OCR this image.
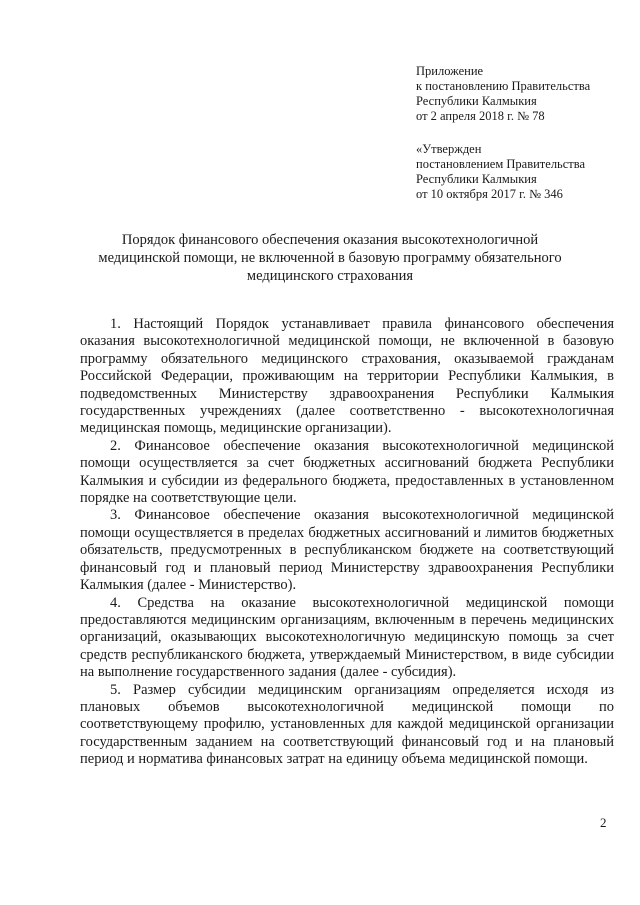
Приложение
к постановлению Правительства
Республики Калмыкия
от 2 апреля 2018 г. № 78
«Утвержден
постановлением Правительства
Республики Калмыкия
от 10 октября 2017 г. № 346
Порядок финансового обеспечения оказания высокотехнологичной
медицинской помощи, не включенной в базовую программу обязательного
медицинского страхования

1. Настоящий Порядок устанавливает правила финансового обеспечения оказания высокотехнологичной медицинской помощи, не включенной в базовую программу обязательного медицинского страхования, оказываемой гражданам Российской Федерации, проживающим на территории Республики Калмыкия, в подведомственных Министерству здравоохранения Республики Калмыкия государственных учреждениях (далее соответственно - высокотехнологичная медицинская помощь, медицинские организации).

2. Финансовое обеспечение оказания высокотехнологичной медицинской помощи осуществляется за счет бюджетных ассигнований бюджета Республики Калмыкия и субсидии из федерального бюджета, предоставленных в установленном порядке на соответствующие цели.

3. Финансовое обеспечение оказания высокотехнологичной медицинской помощи осуществляется в пределах бюджетных ассигнований и лимитов бюджетных обязательств, предусмотренных в республиканском бюджете на соответствующий финансовый год и плановый период Министерству здравоохранения Республики Калмыкия (далее - Министерство).

4. Средства на оказание высокотехнологичной медицинской помощи предоставляются медицинским организациям, включенным в перечень медицинских организаций, оказывающих высокотехнологичную медицинскую помощь за счет средств республиканского бюджета, утверждаемый Министерством, в виде субсидии на выполнение государственного задания (далее - субсидия).

5. Размер субсидии медицинским организациям определяется исходя из плановых объемов высокотехнологичной медицинской помощи по соответствующему профилю, установленных для каждой медицинской организации государственным заданием на соответствующий финансовый год и на плановый период и норматива финансовых затрат на единицу объема медицинской помощи.

2
